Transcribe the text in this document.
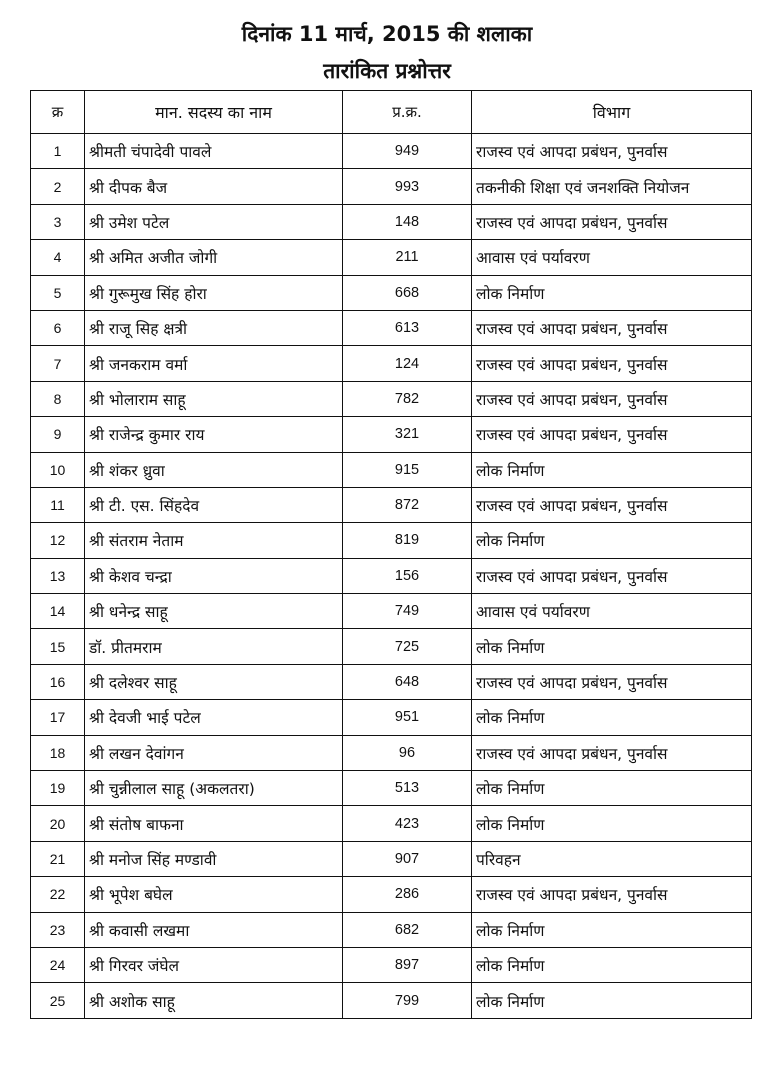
दिनांक 11 मार्च, 2015 की शलाका
तारांकित प्रश्नोत्तर
क्र	मान. सदस्य का नाम	प्र.क्र.	विभाग
1	श्रीमती चंपादेवी पावले	949	राजस्व एवं आपदा प्रबंधन, पुनर्वास
2	श्री दीपक बैज	993	तकनीकी शिक्षा एवं जनशक्ति नियोजन
3	श्री उमेश पटेल	148	राजस्व एवं आपदा प्रबंधन, पुनर्वास
4	श्री अमित अजीत जोगी	211	आवास एवं पर्यावरण
5	श्री गुरूमुख सिंह होरा	668	लोक निर्माण
6	श्री राजू सिह क्षत्री	613	राजस्व एवं आपदा प्रबंधन, पुनर्वास
7	श्री जनकराम वर्मा	124	राजस्व एवं आपदा प्रबंधन, पुनर्वास
8	श्री भोलाराम साहू	782	राजस्व एवं आपदा प्रबंधन, पुनर्वास
9	श्री राजेन्द्र कुमार राय	321	राजस्व एवं आपदा प्रबंधन, पुनर्वास
10	श्री शंकर ध्रुवा	915	लोक निर्माण
11	श्री टी. एस. सिंहदेव	872	राजस्व एवं आपदा प्रबंधन, पुनर्वास
12	श्री संतराम नेताम	819	लोक निर्माण
13	श्री केशव चन्द्रा	156	राजस्व एवं आपदा प्रबंधन, पुनर्वास
14	श्री धनेन्द्र साहू	749	आवास एवं पर्यावरण
15	डॉ. प्रीतमराम	725	लोक निर्माण
16	श्री दलेश्वर साहू	648	राजस्व एवं आपदा प्रबंधन, पुनर्वास
17	श्री देवजी भाई पटेल	951	लोक निर्माण
18	श्री लखन देवांगन	96	राजस्व एवं आपदा प्रबंधन, पुनर्वास
19	श्री चुन्नीलाल साहू (अकलतरा)	513	लोक निर्माण
20	श्री संतोष बाफना	423	लोक निर्माण
21	श्री मनोज सिंह मण्डावी	907	परिवहन
22	श्री भूपेश बघेल	286	राजस्व एवं आपदा प्रबंधन, पुनर्वास
23	श्री कवासी लखमा	682	लोक निर्माण
24	श्री गिरवर जंघेल	897	लोक निर्माण
25	श्री अशोक साहू	799	लोक निर्माण
